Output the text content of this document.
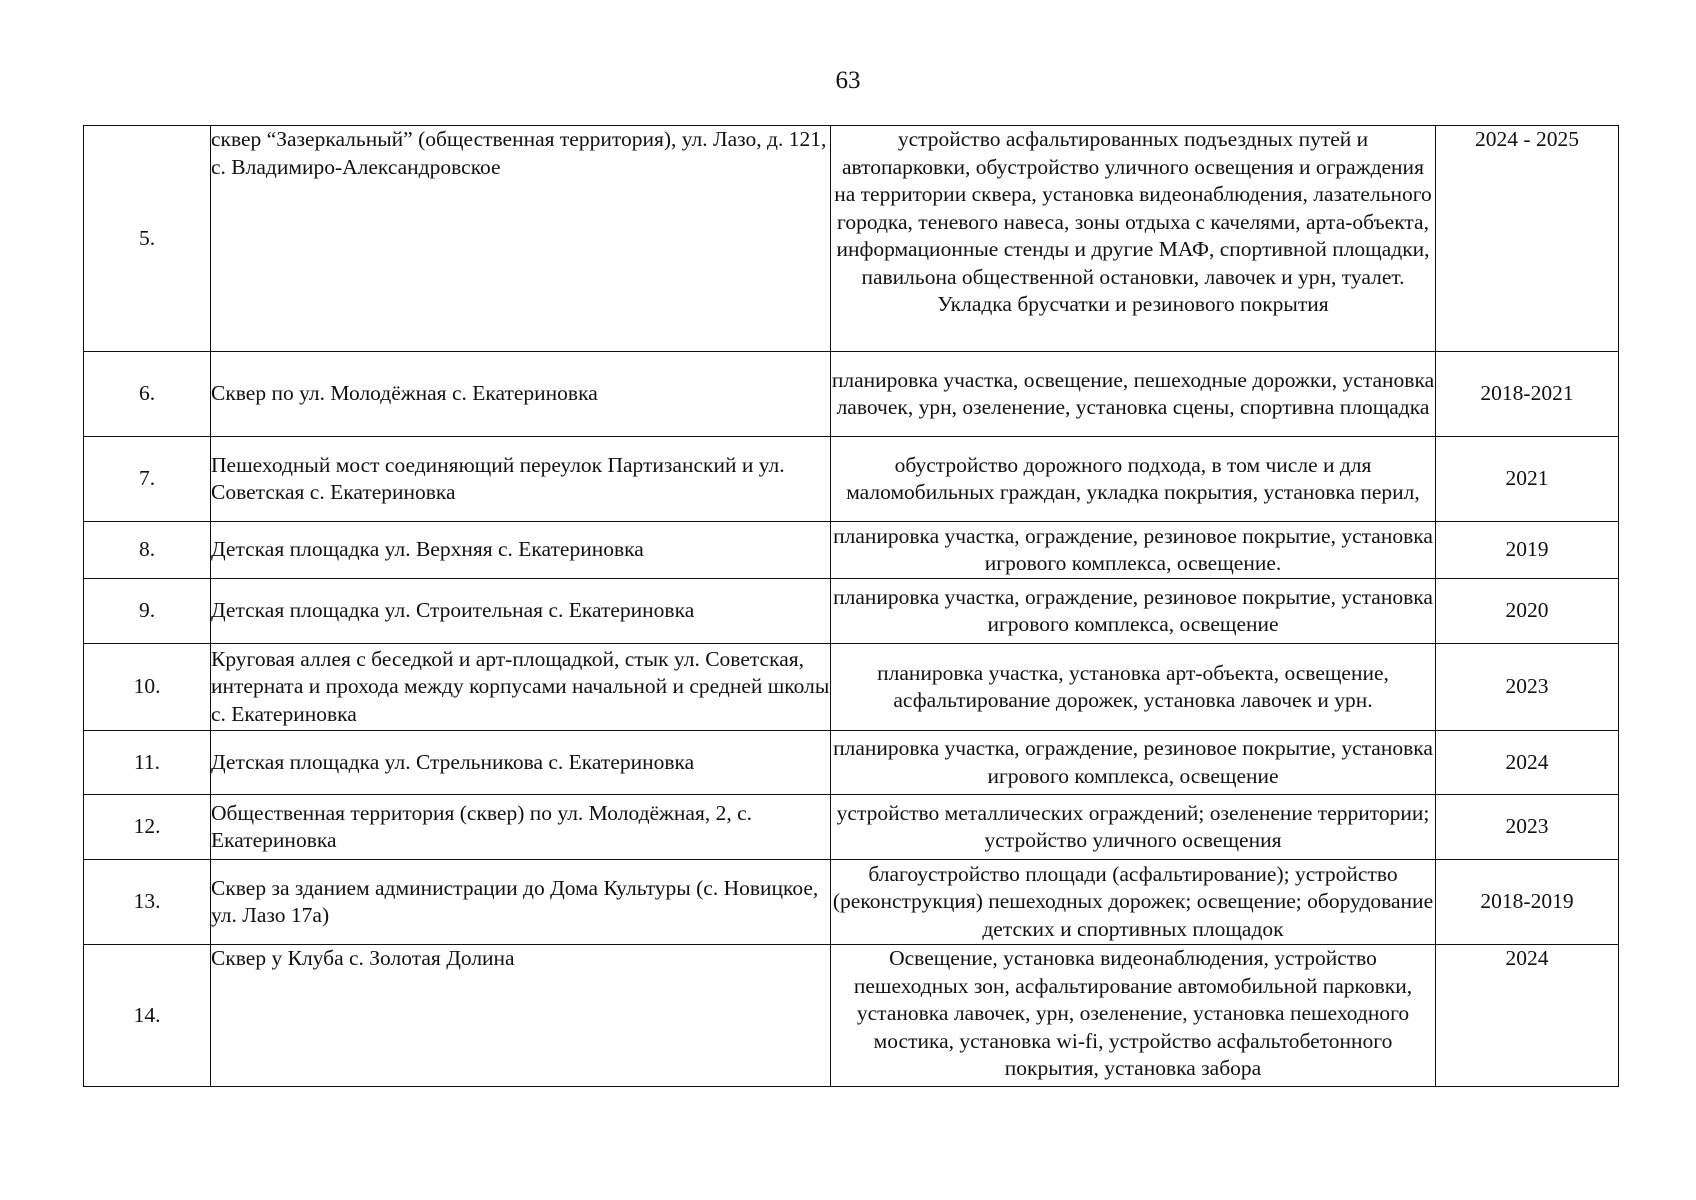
63
5.	сквер “Зазеркальный” (общественная территория), ул. Лазо, д. 121, с. Владимиро-Александровское	устройство асфальтированных подъездных путей и автопарковки, обустройство уличного освещения и ограждения на территории сквера, установка видеонаблюдения, лазательного городка, теневого навеса, зоны отдыха с качелями, арта-объекта, информационные стенды и другие МАФ, спортивной площадки, павильона общественной остановки, лавочек и урн, туалет. Укладка брусчатки и резинового покрытия	2024 - 2025
6.	Сквер по ул. Молодёжная с. Екатериновка	планировка участка, освещение, пешеходные дорожки, установка лавочек, урн, озеленение, установка сцены, спортивна площадка	2018-2021
7.	Пешеходный мост соединяющий переулок Партизанский и ул. Советская с. Екатериновка	обустройство дорожного подхода, в том числе и для маломобильных граждан, укладка покрытия, установка перил,	2021
8.	Детская площадка ул. Верхняя с. Екатериновка	планировка участка, ограждение, резиновое покрытие, установка игрового комплекса, освещение.	2019
9.	Детская площадка ул. Строительная с. Екатериновка	планировка участка, ограждение, резиновое покрытие, установка игрового комплекса, освещение	2020
10.	Круговая аллея с беседкой и арт-площадкой, стык ул. Советская, интерната и прохода между корпусами начальной и средней школы с. Екатериновка	планировка участка, установка арт-объекта, освещение, асфальтирование дорожек, установка лавочек и урн.	2023
11.	Детская площадка ул. Стрельникова с. Екатериновка	планировка участка, ограждение, резиновое покрытие, установка игрового комплекса, освещение	2024
12.	Общественная территория (сквер) по ул. Молодёжная, 2, с. Екатериновка	устройство металлических ограждений; озеленение территории; устройство уличного освещения	2023
13.	Сквер за зданием администрации до Дома Культуры (с. Новицкое, ул. Лазо 17а)	благоустройство площади (асфальтирование); устройство (реконструкция) пешеходных дорожек; освещение; оборудование детских и спортивных площадок	2018-2019
14.	Сквер у Клуба с. Золотая Долина	Освещение, установка видеонаблюдения, устройство пешеходных зон, асфальтирование автомобильной парковки, установка лавочек, урн, озеленение, установка пешеходного мостика, установка wi-fi, устройство асфальтобетонного покрытия, установка забора	2024
